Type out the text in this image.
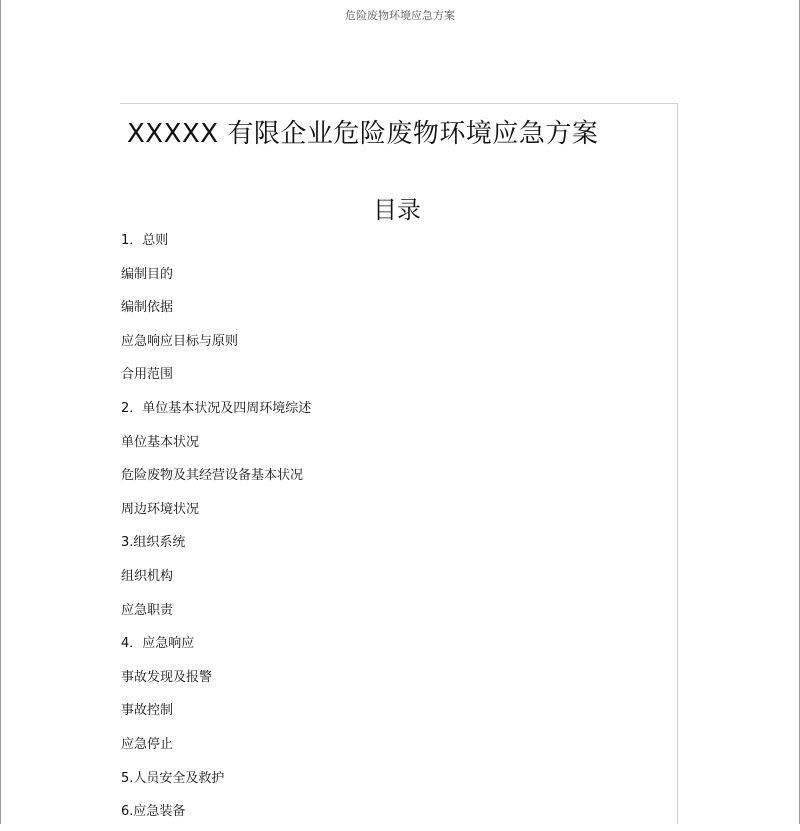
危险废物环境应急方案
XXXXX 有限企业危险废物环境应急方案
目录
1．总则
编制目的
编制依据
应急响应目标与原则
合用范围
2．单位基本状况及四周环境综述
单位基本状况
危险废物及其经营设备基本状况
周边环境状况
3.组织系统
组织机构
应急职责
4．应急响应
事故发现及报警
事故控制
应急停止
5.人员安全及救护
6.应急装备
